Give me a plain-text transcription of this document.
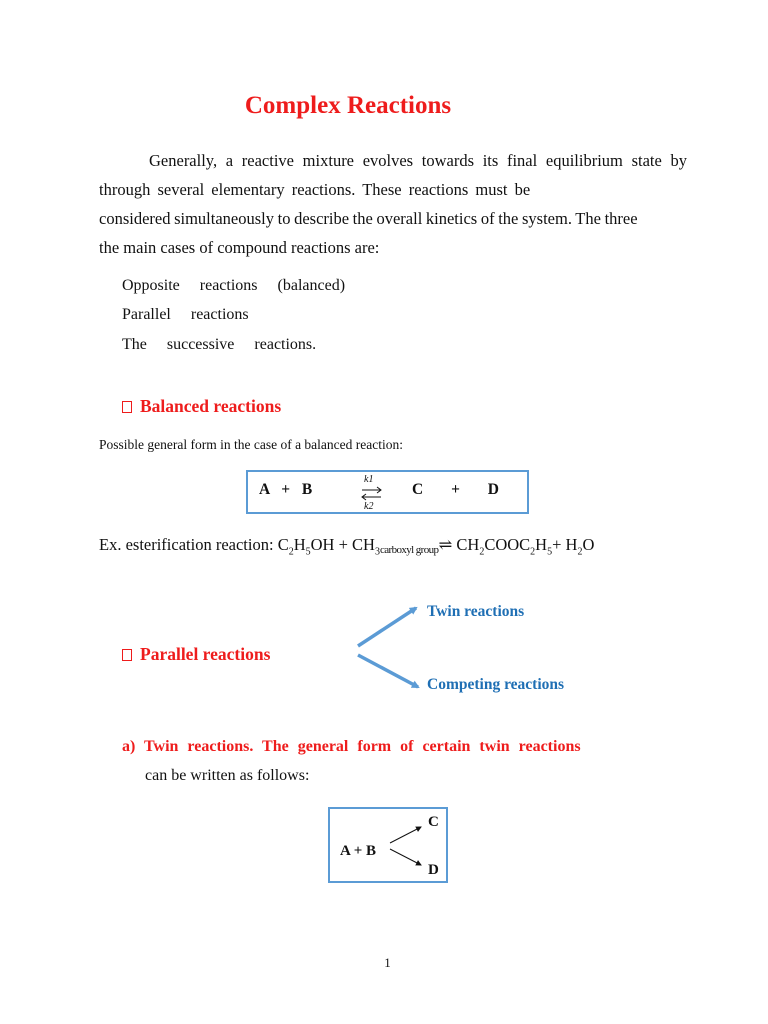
Complex Reactions
Generally, a reactive mixture evolves towards its final equilibrium state by
through several elementary reactions. These reactions must be
considered simultaneously to describe the overall kinetics of the system. The three
the main cases of compound reactions are:
Opposite reactions (balanced)
Parallel reactions
The successive reactions.
Balanced reactions
Possible general form in the case of a balanced reaction:
A + B
k1
k2
C + D
Ex. esterification reaction: $C_2H_5OH$ + $CH_3carboxyl$ group⇌ $CH_2COOC_2H_5+ H_2O$
Parallel reactions
Twin reactions
Competing reactions
a) Twin reactions. The general form of certain twin reactions
can be written as follows:
A + B
C
D
1
